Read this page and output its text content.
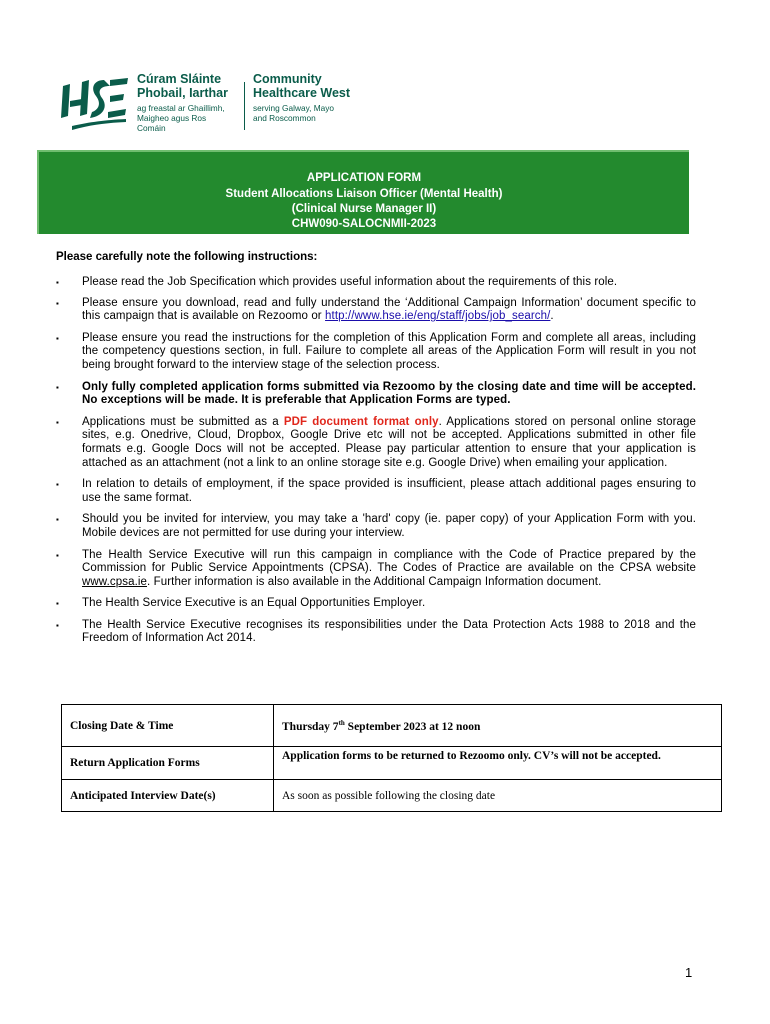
Cúram Sláinte
Phobail, Iarthar
ag freastal ar Ghaillimh,
Maigheo agus Ros Comáin
Community
Healthcare West
serving Galway, Mayo
and Roscommon
APPLICATION FORM
Student Allocations Liaison Officer (Mental Health)
(Clinical Nurse Manager II)
CHW090-SALOCNMII-2023
Please carefully note the following instructions:
▪ Please read the Job Specification which provides useful information about the requirements of this role.
▪ Please ensure you download, read and fully understand the ‘Additional Campaign Information’ document specific to this campaign that is available on Rezoomo or http://www.hse.ie/eng/staff/jobs/job_search/.
▪ Please ensure you read the instructions for the completion of this Application Form and complete all areas, including the competency questions section, in full. Failure to complete all areas of the Application Form will result in you not being brought forward to the interview stage of the selection process.
▪ Only fully completed application forms submitted via Rezoomo by the closing date and time will be accepted. No exceptions will be made. It is preferable that Application Forms are typed.
▪ Applications must be submitted as a PDF document format only. Applications stored on personal online storage sites, e.g. Onedrive, Cloud, Dropbox, Google Drive etc will not be accepted. Applications submitted in other file formats e.g. Google Docs will not be accepted. Please pay particular attention to ensure that your application is attached as an attachment (not a link to an online storage site e.g. Google Drive) when emailing your application.
▪ In relation to details of employment, if the space provided is insufficient, please attach additional pages ensuring to use the same format.
▪ Should you be invited for interview, you may take a 'hard' copy (ie. paper copy) of your Application Form with you. Mobile devices are not permitted for use during your interview.
▪ The Health Service Executive will run this campaign in compliance with the Code of Practice prepared by the Commission for Public Service Appointments (CPSA). The Codes of Practice are available on the CPSA website www.cpsa.ie. Further information is also available in the Additional Campaign Information document.
▪ The Health Service Executive is an Equal Opportunities Employer.
▪ The Health Service Executive recognises its responsibilities under the Data Protection Acts 1988 to 2018 and the Freedom of Information Act 2014.
Closing Date & Time	Thursday 7th September 2023 at 12 noon
Return Application Forms	Application forms to be returned to Rezoomo only. CV’s will not be accepted.
Anticipated Interview Date(s)	As soon as possible following the closing date
1
